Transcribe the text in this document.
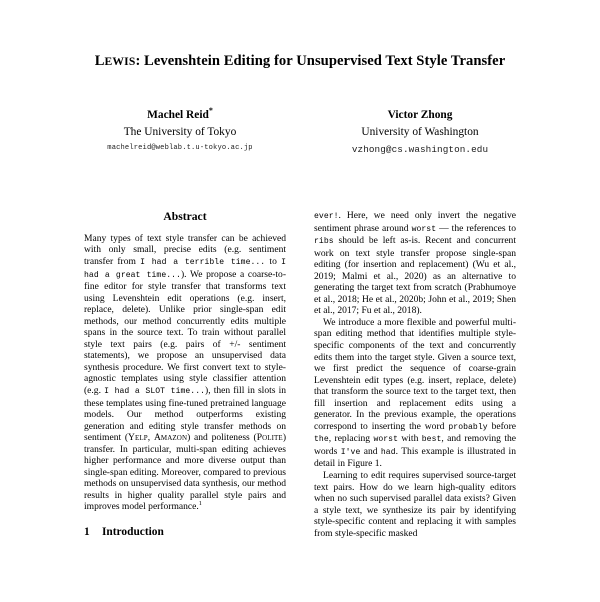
LEWIS: Levenshtein Editing for Unsupervised Text Style Transfer
Machel Reid*
The University of Tokyo
machelreid@weblab.t.u-tokyo.ac.jp
Victor Zhong
University of Washington
vzhong@cs.washington.edu
Abstract

Many types of text style transfer can be achieved with only small, precise edits (e.g. sentiment transfer from I had a terrible time... to I had a great time...). We propose a coarse-to-fine editor for style transfer that transforms text using Levenshtein edit operations (e.g. insert, replace, delete). Unlike prior single-span edit methods, our method concurrently edits multiple spans in the source text. To train without parallel style text pairs (e.g. pairs of +/- sentiment statements), we propose an unsupervised data synthesis procedure. We first convert text to style-agnostic templates using style classifier attention (e.g. I had a SLOT time...), then fill in slots in these templates using fine-tuned pretrained language models. Our method outperforms existing generation and editing style transfer methods on sentiment (Yelp, Amazon) and politeness (Polite) transfer. In particular, multi-span editing achieves higher performance and more diverse output than single-span editing. Moreover, compared to previous methods on unsupervised data synthesis, our method results in higher quality parallel style pairs and improves model performance.$^1$

1 Introduction

ever!. Here, we need only invert the negative sentiment phrase around worst — the references to ribs should be left as-is. Recent and concurrent work on text style transfer propose single-span editing (for insertion and replacement) (Wu et al., 2019; Malmi et al., 2020) as an alternative to generating the target text from scratch (Prabhumoye et al., 2018; He et al., 2020b; John et al., 2019; Shen et al., 2017; Fu et al., 2018).

We introduce a more flexible and powerful multi-span editing method that identifies multiple style-specific components of the text and concurrently edits them into the target style. Given a source text, we first predict the sequence of coarse-grain Levenshtein edit types (e.g. insert, replace, delete) that transform the source text to the target text, then fill insertion and replacement edits using a generator. In the previous example, the operations correspond to inserting the word probably before the, replacing worst with best, and removing the words I've and had. This example is illustrated in detail in Figure 1.

Learning to edit requires supervised source-target text pairs. How do we learn high-quality editors when no such supervised parallel data exists? Given a style text, we synthesize its pair by identifying style-specific content and replacing it with samples from style-specific masked
